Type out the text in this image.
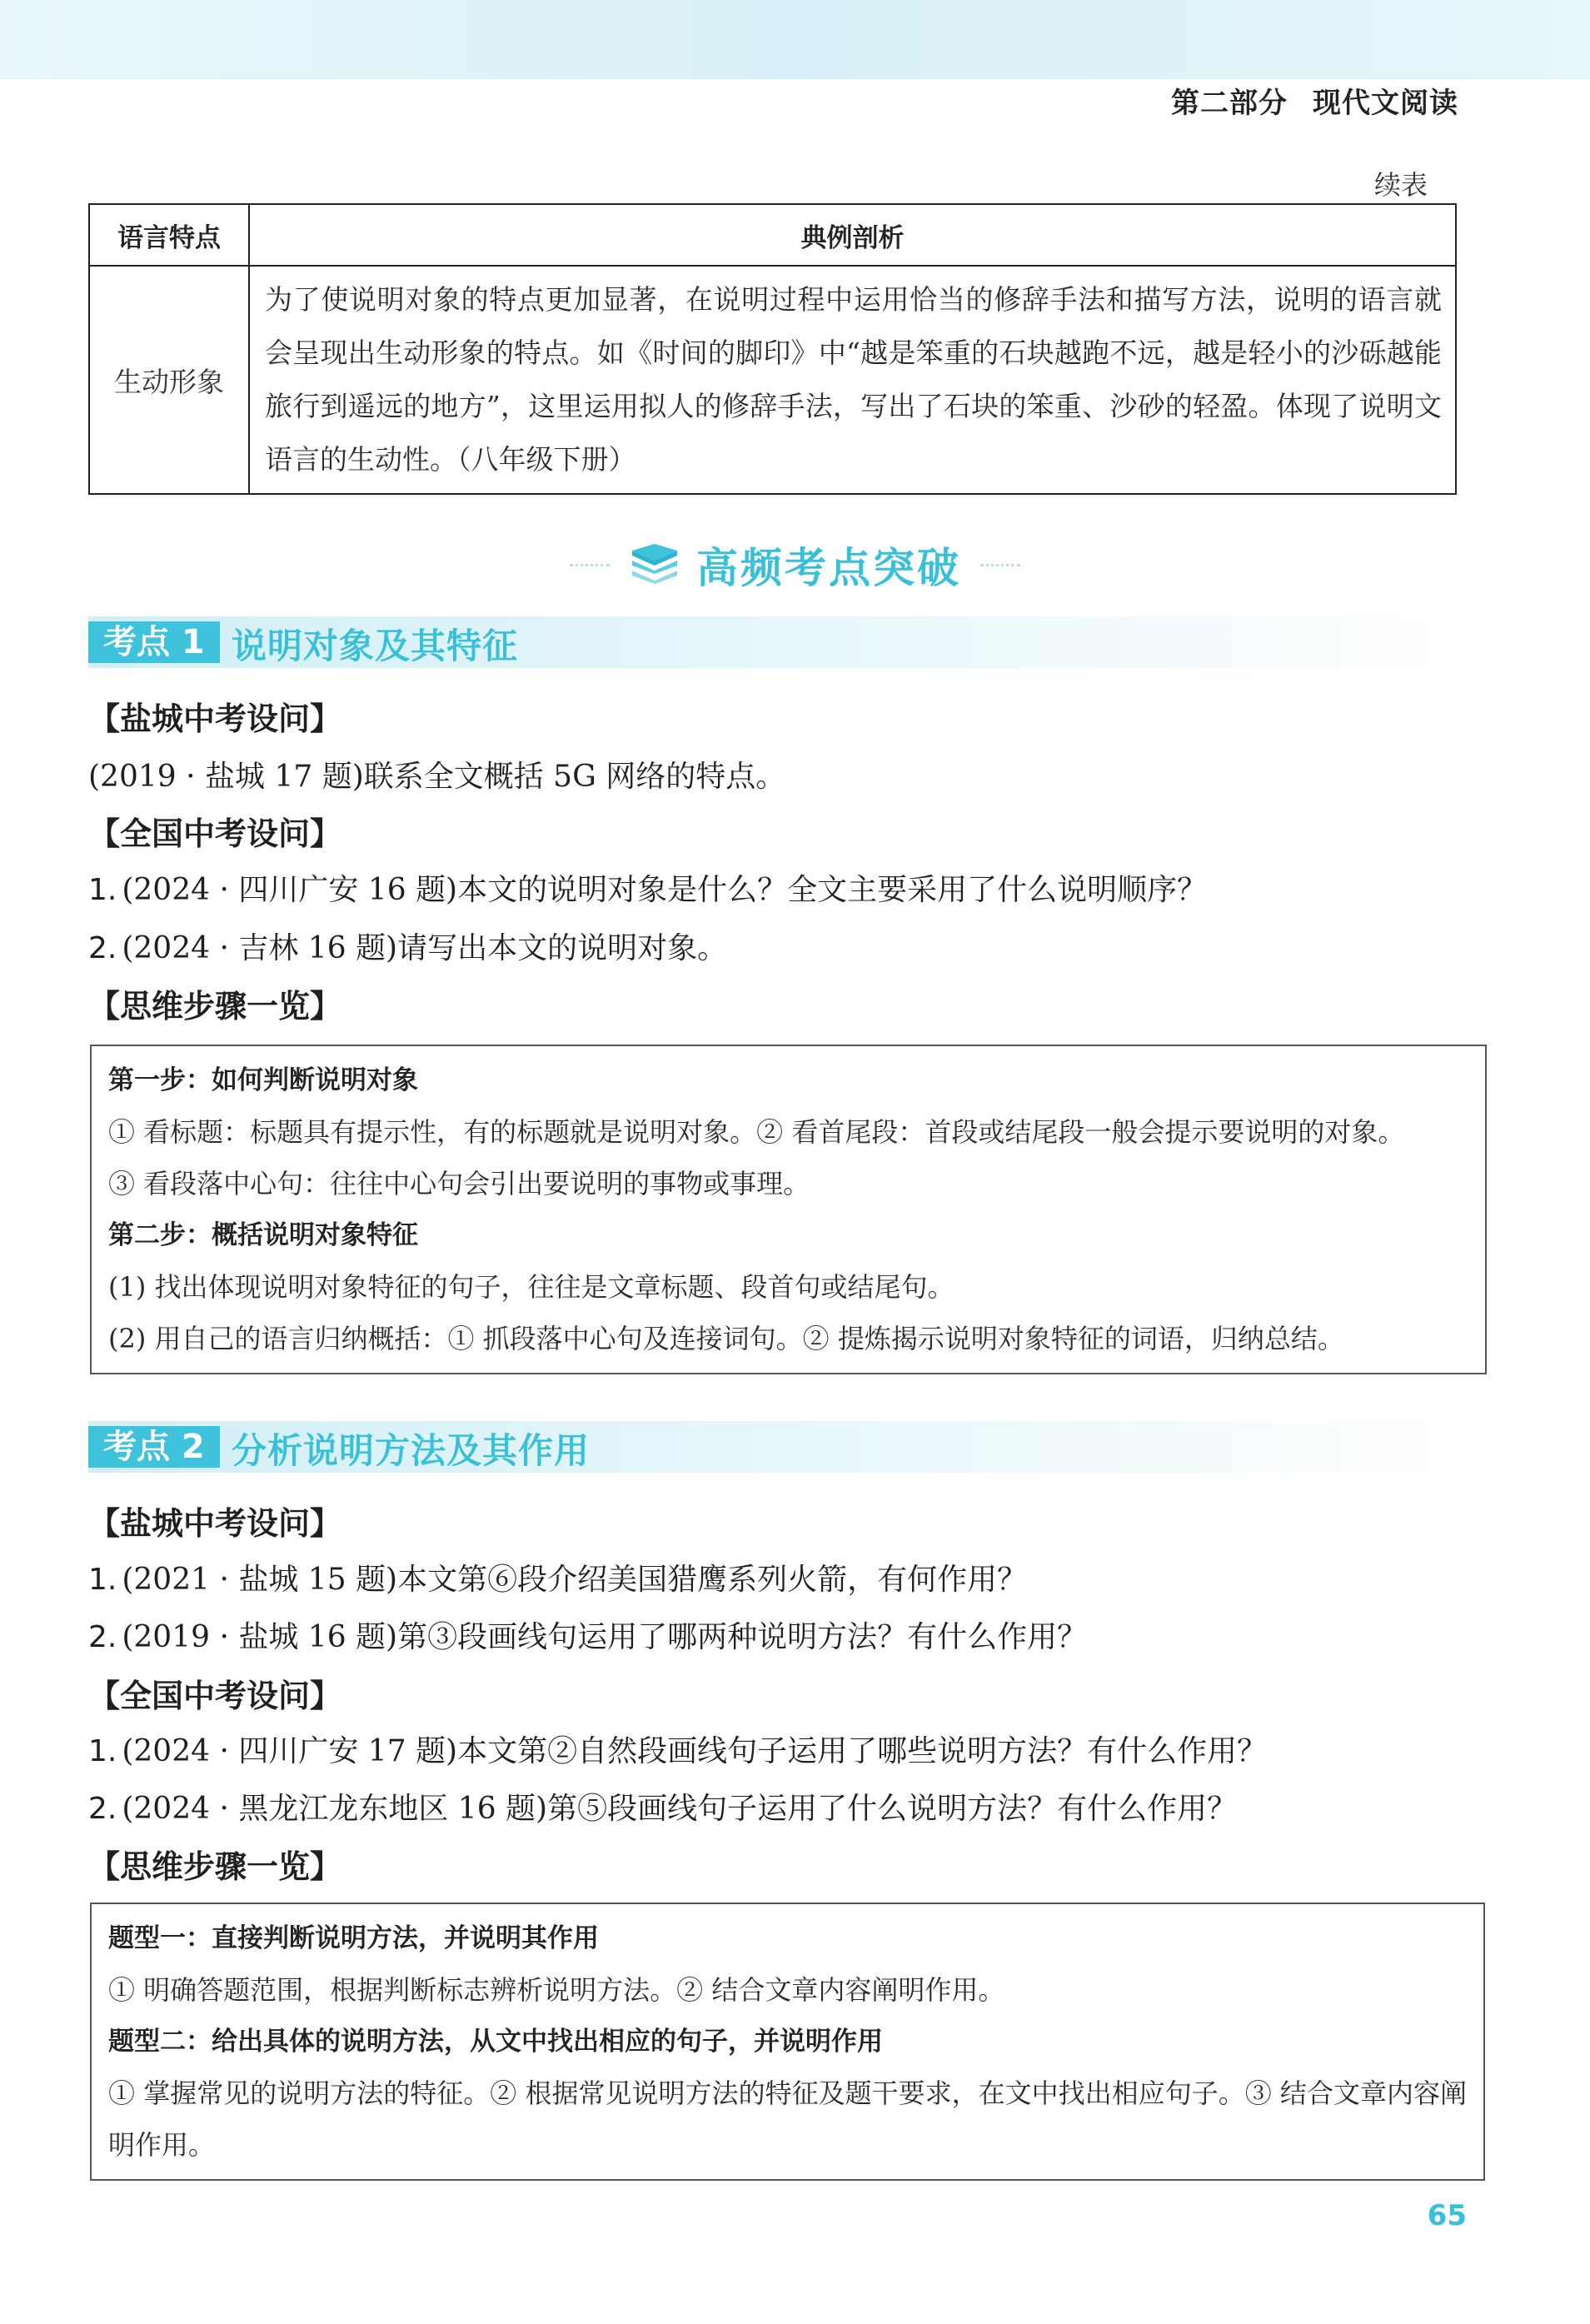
第二部分 现代文阅读
续表
语言特点	典例剖析
生动形象	为了使说明对象的特点更加显著，在说明过程中运用恰当的修辞手法和描写方法，说明的语言就会呈现出生动形象的特点。如《时间的脚印》中“越是笨重的石块越跑不远，越是轻小的沙砾越能旅行到遥远的地方”，这里运用拟人的修辞手法，写出了石块的笨重、沙砂的轻盈。体现了说明文语言的生动性。（八年级下册）
高频考点突破
考点 1 说明对象及其特征
【盐城中考设问】
(2019 · 盐城 17 题)联系全文概括 5G 网络的特点。
【全国中考设问】
1. (2024 · 四川广安 16 题)本文的说明对象是什么？全文主要采用了什么说明顺序？
2. (2024 · 吉林 16 题)请写出本文的说明对象。
【思维步骤一览】
第一步：如何判断说明对象
① 看标题：标题具有提示性，有的标题就是说明对象。② 看首尾段：首段或结尾段一般会提示要说明的对象。
③ 看段落中心句：往往中心句会引出要说明的事物或事理。
第二步：概括说明对象特征
(1) 找出体现说明对象特征的句子，往往是文章标题、段首句或结尾句。
(2) 用自己的语言归纳概括：① 抓段落中心句及连接词句。② 提炼揭示说明对象特征的词语，归纳总结。
考点 2 分析说明方法及其作用
【盐城中考设问】
1. (2021 · 盐城 15 题)本文第⑥段介绍美国猎鹰系列火箭，有何作用？
2. (2019 · 盐城 16 题)第③段画线句运用了哪两种说明方法？有什么作用？
【全国中考设问】
1. (2024 · 四川广安 17 题)本文第②自然段画线句子运用了哪些说明方法？有什么作用？
2. (2024 · 黑龙江龙东地区 16 题)第⑤段画线句子运用了什么说明方法？有什么作用？
【思维步骤一览】
题型一：直接判断说明方法，并说明其作用
① 明确答题范围，根据判断标志辨析说明方法。② 结合文章内容阐明作用。
题型二：给出具体的说明方法，从文中找出相应的句子，并说明作用
① 掌握常见的说明方法的特征。② 根据常见说明方法的特征及题干要求，在文中找出相应句子。③ 结合文章内容阐明作用。
65
